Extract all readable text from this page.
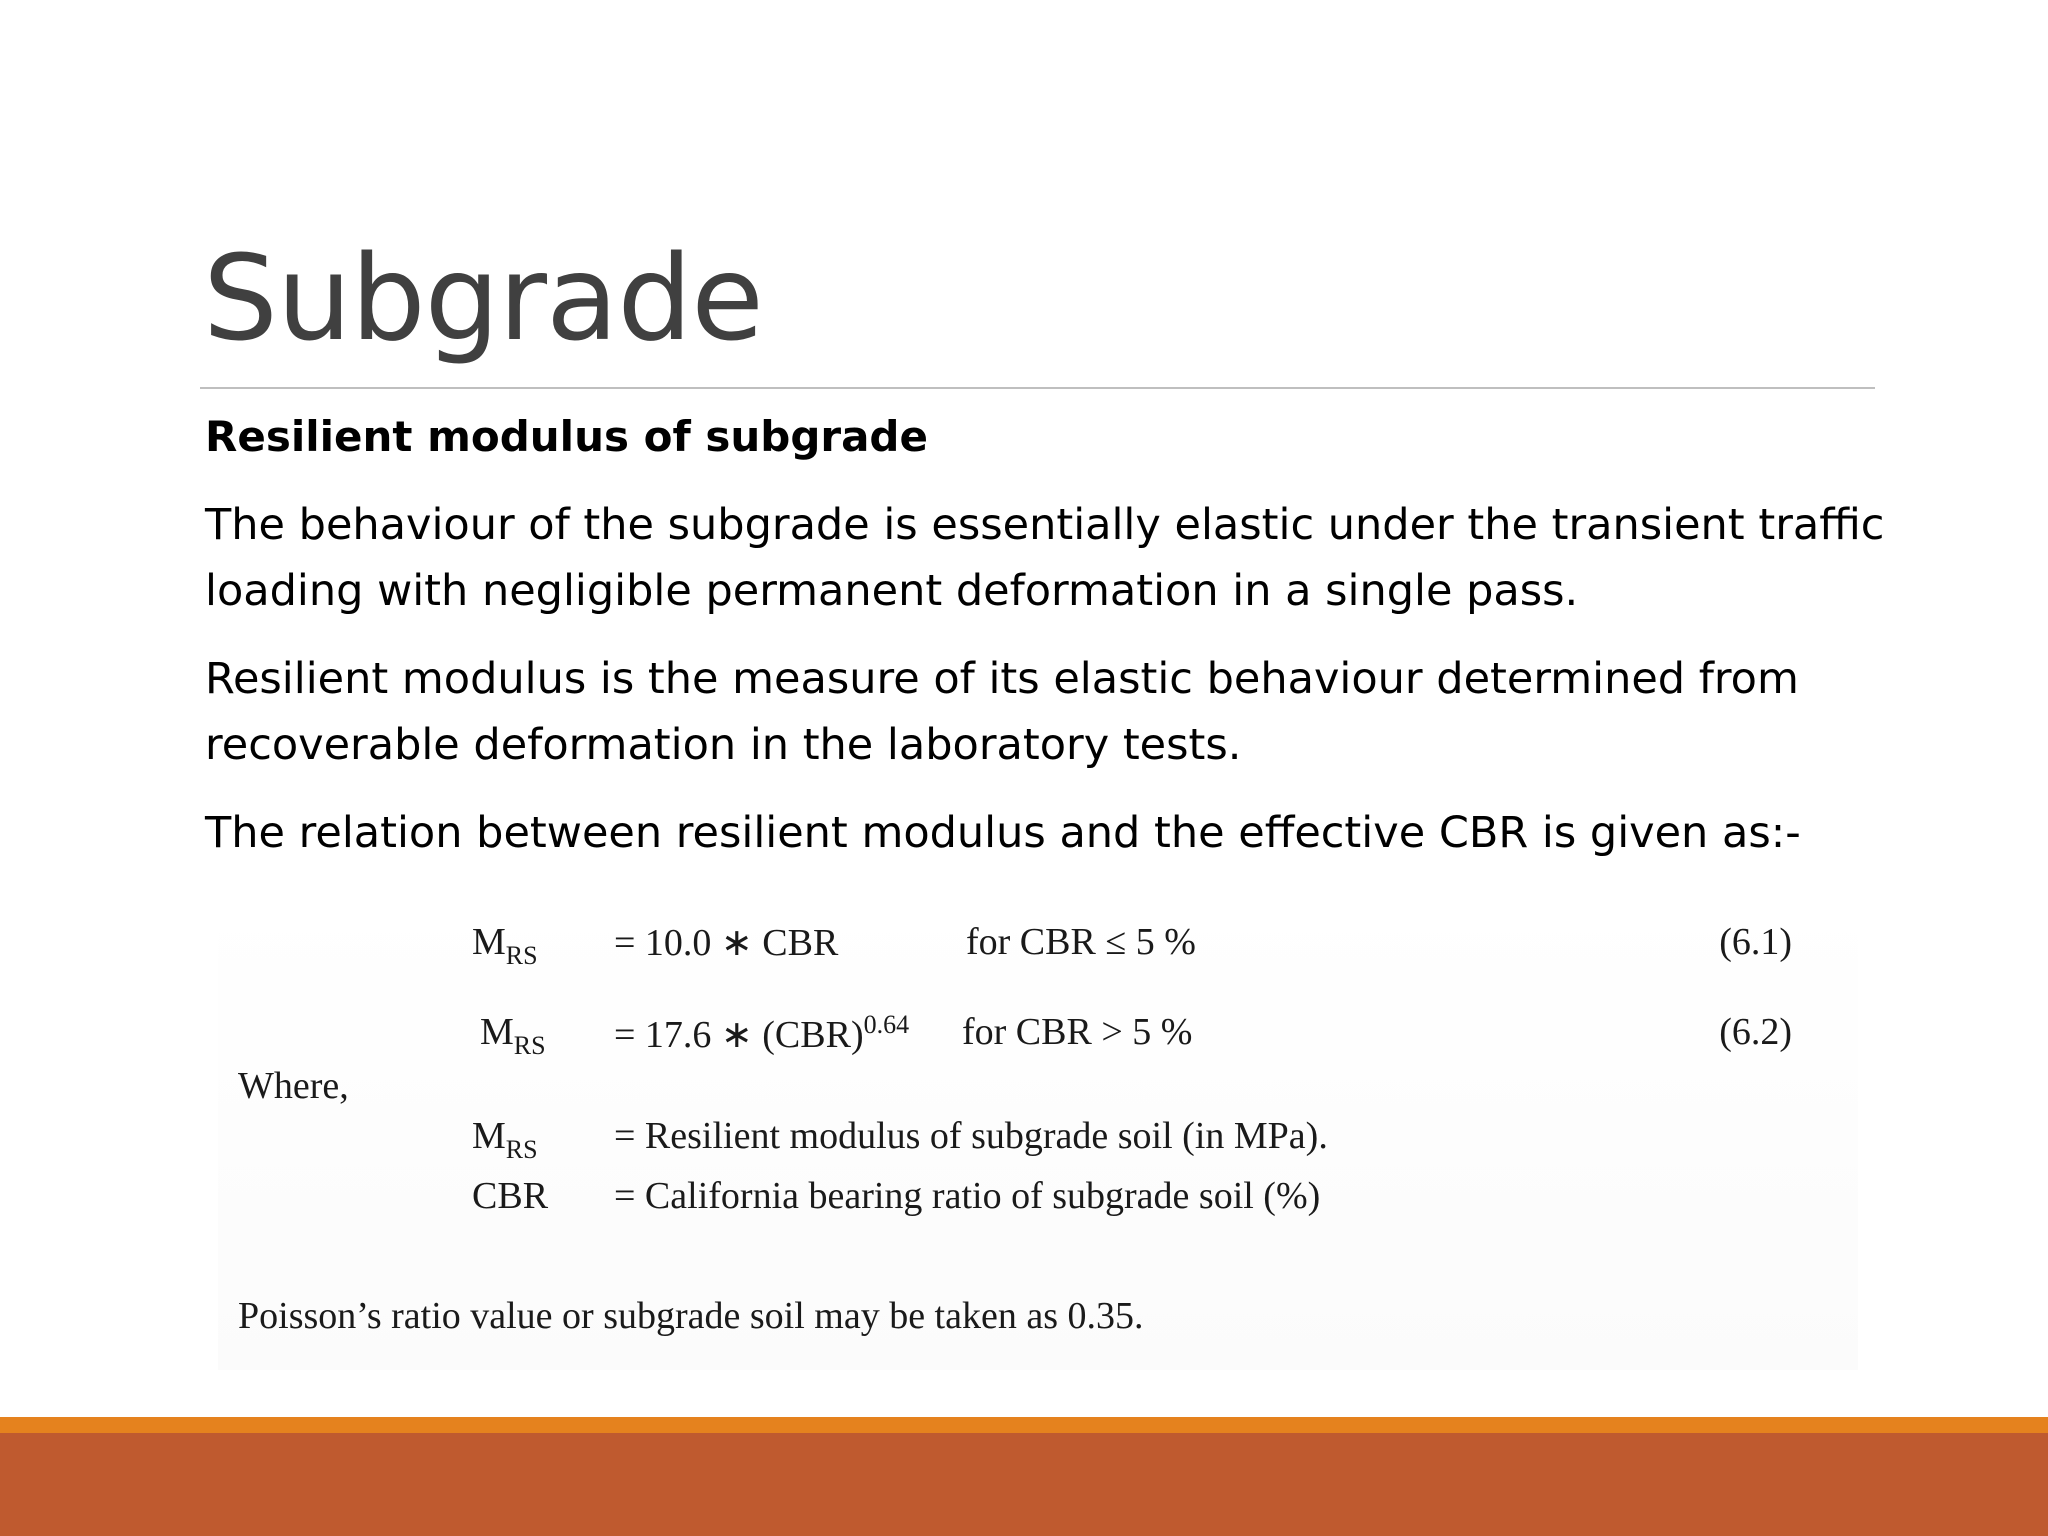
Subgrade
Resilient modulus of subgrade
The behaviour of the subgrade is essentially elastic under the transient traffic loading with negligible permanent deformation in a single pass.
Resilient modulus is the measure of its elastic behaviour determined from recoverable deformation in the laboratory tests.
The relation between resilient modulus and the effective CBR is given as:-
$M_{RS} = 10.0$ ∗ CBR	for CBR ≤ 5 %	(6.1)
$M_{RS} = 17.6$ ∗ (CBR)$^{0.64}$ for CBR > 5 %	(6.2)
Where,
$M_{RS}$ = Resilient modulus of subgrade soil (in MPa).
CBR = California bearing ratio of subgrade soil (%)
Poisson’s ratio value or subgrade soil may be taken as 0.35.
